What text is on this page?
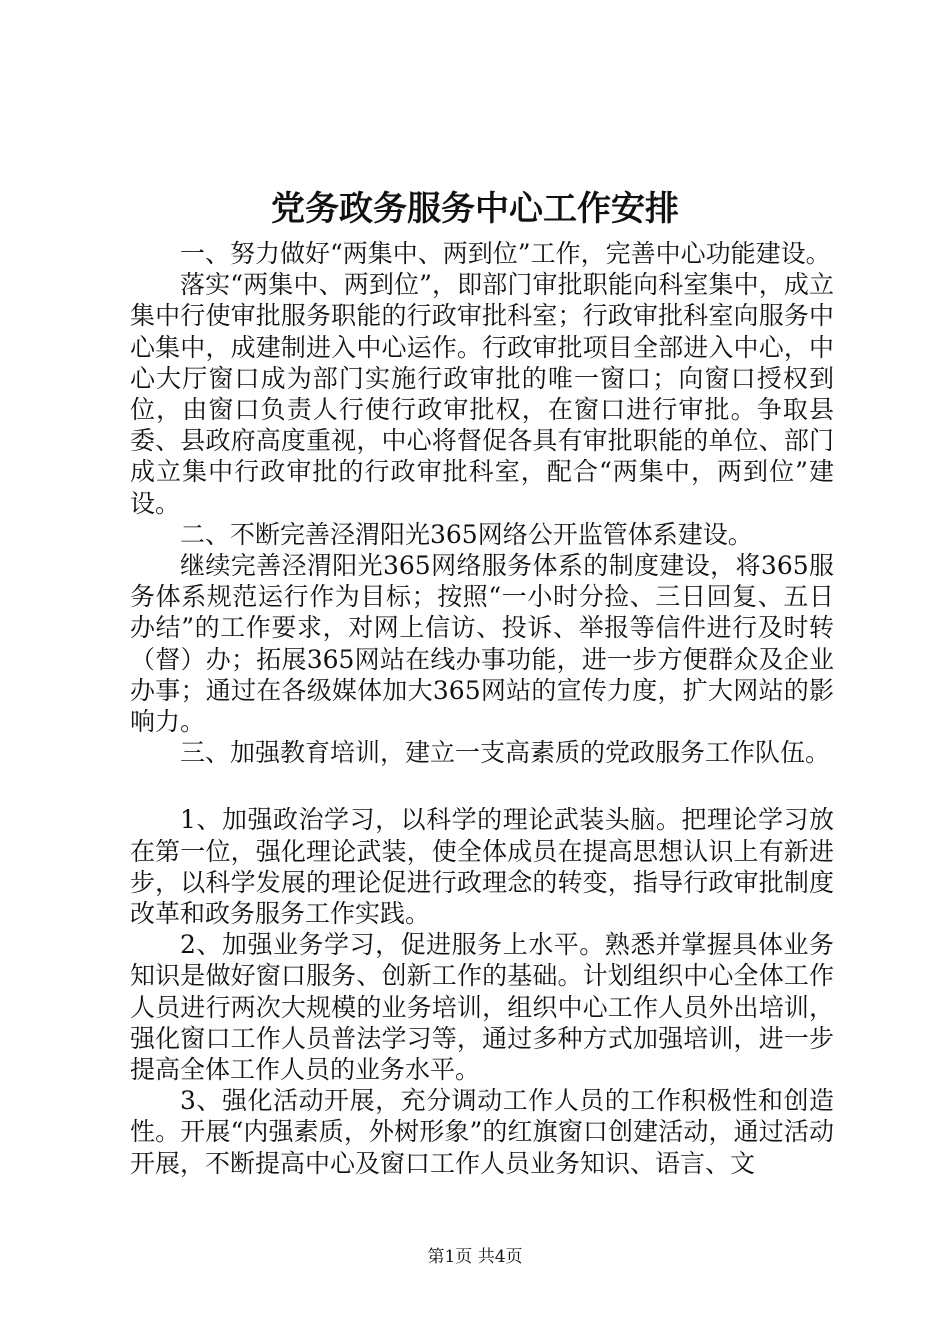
党务政务服务中心工作安排

一、努力做好“两集中、两到位”工作，完善中心功能建设。

落实“两集中、两到位”，即部门审批职能向科室集中，成立集中行使审批服务职能的行政审批科室；行政审批科室向服务中心集中，成建制进入中心运作。行政审批项目全部进入中心，中心大厅窗口成为部门实施行政审批的唯一窗口；向窗口授权到位，由窗口负责人行使行政审批权，在窗口进行审批。争取县委、县政府高度重视，中心将督促各具有审批职能的单位、部门成立集中行政审批的行政审批科室，配合“两集中，两到位”建设。

二、不断完善泾渭阳光365网络公开监管体系建设。

继续完善泾渭阳光365网络服务体系的制度建设，将365服务体系规范运行作为目标；按照“一小时分捡、三日回复、五日办结”的工作要求，对网上信访、投诉、举报等信件进行及时转（督）办；拓展365网站在线办事功能，进一步方便群众及企业办事；通过在各级媒体加大365网站的宣传力度，扩大网站的影响力。

三、加强教育培训，建立一支高素质的党政服务工作队伍。

1、加强政治学习，以科学的理论武装头脑。把理论学习放在第一位，强化理论武装，使全体成员在提高思想认识上有新进步，以科学发展的理论促进行政理念的转变，指导行政审批制度改革和政务服务工作实践。

2、加强业务学习，促进服务上水平。熟悉并掌握具体业务知识是做好窗口服务、创新工作的基础。计划组织中心全体工作人员进行两次大规模的业务培训，组织中心工作人员外出培训，强化窗口工作人员普法学习等，通过多种方式加强培训，进一步提高全体工作人员的业务水平。

3、强化活动开展，充分调动工作人员的工作积极性和创造性。开展“内强素质，外树形象”的红旗窗口创建活动，通过活动开展，不断提高中心及窗口工作人员业务知识、语言、文

第1页 共4页
